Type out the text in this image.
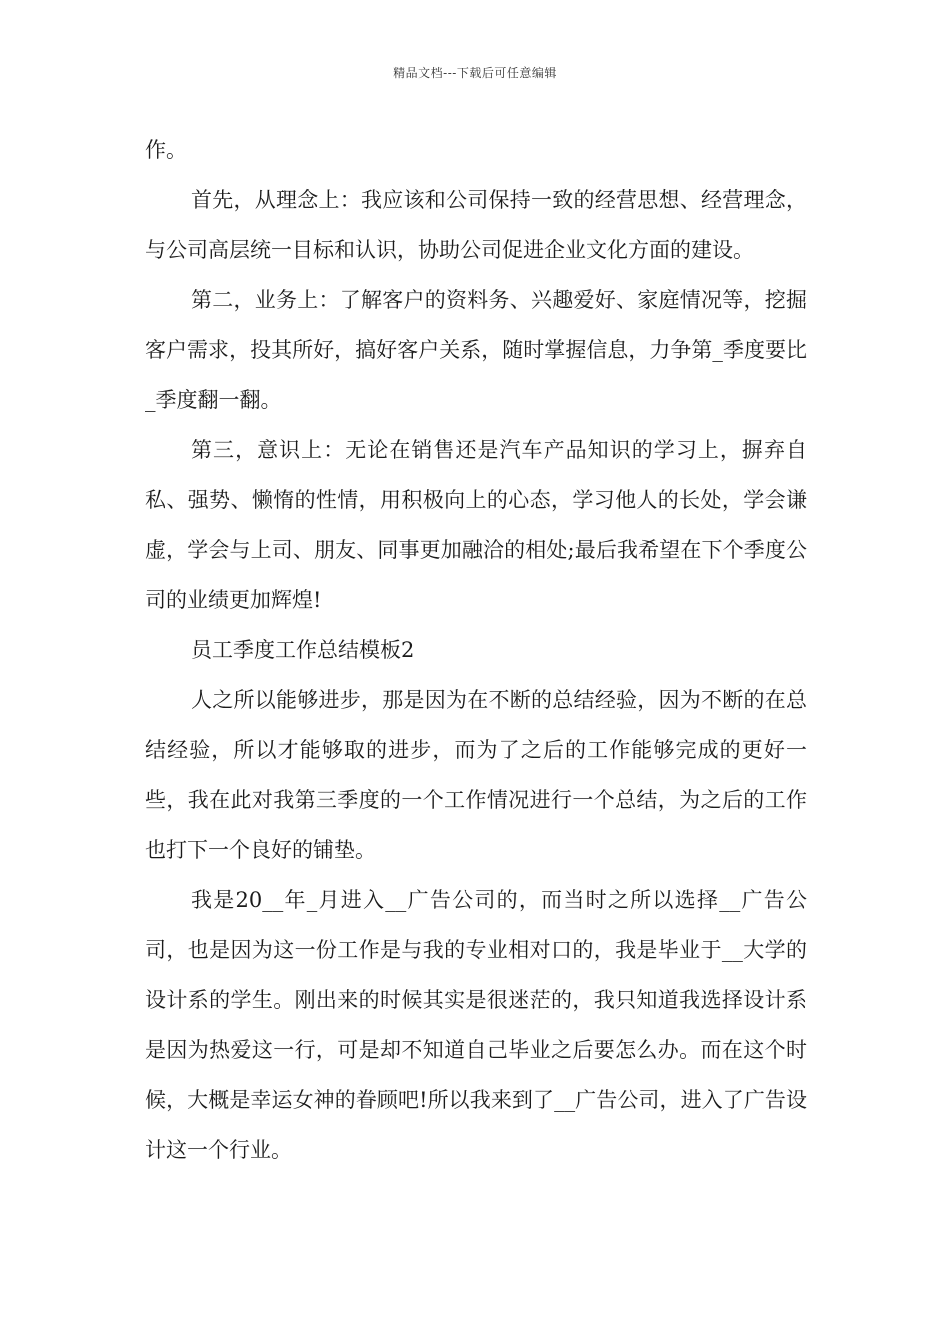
精品文档---下载后可任意编辑

作。

首先，从理念上：我应该和公司保持一致的经营思想、经营理念，与公司高层统一目标和认识，协助公司促进企业文化方面的建设。

第二，业务上：了解客户的资料务、兴趣爱好、家庭情况等，挖掘客户需求，投其所好，搞好客户关系，随时掌握信息，力争第_季度要比_季度翻一翻。

第三，意识上：无论在销售还是汽车产品知识的学习上，摒弃自私、强势、懒惰的性情，用积极向上的心态，学习他人的长处，学会谦虚，学会与上司、朋友、同事更加融洽的相处;最后我希望在下个季度公司的业绩更加辉煌!

员工季度工作总结模板2

人之所以能够进步，那是因为在不断的总结经验，因为不断的在总结经验，所以才能够取的进步，而为了之后的工作能够完成的更好一些，我在此对我第三季度的一个工作情况进行一个总结，为之后的工作也打下一个良好的铺垫。

我是20__年_月进入__广告公司的，而当时之所以选择__广告公司，也是因为这一份工作是与我的专业相对口的，我是毕业于__大学的设计系的学生。刚出来的时候其实是很迷茫的，我只知道我选择设计系是因为热爱这一行，可是却不知道自己毕业之后要怎么办。而在这个时候，大概是幸运女神的眷顾吧!所以我来到了__广告公司，进入了广告设计这一个行业。
